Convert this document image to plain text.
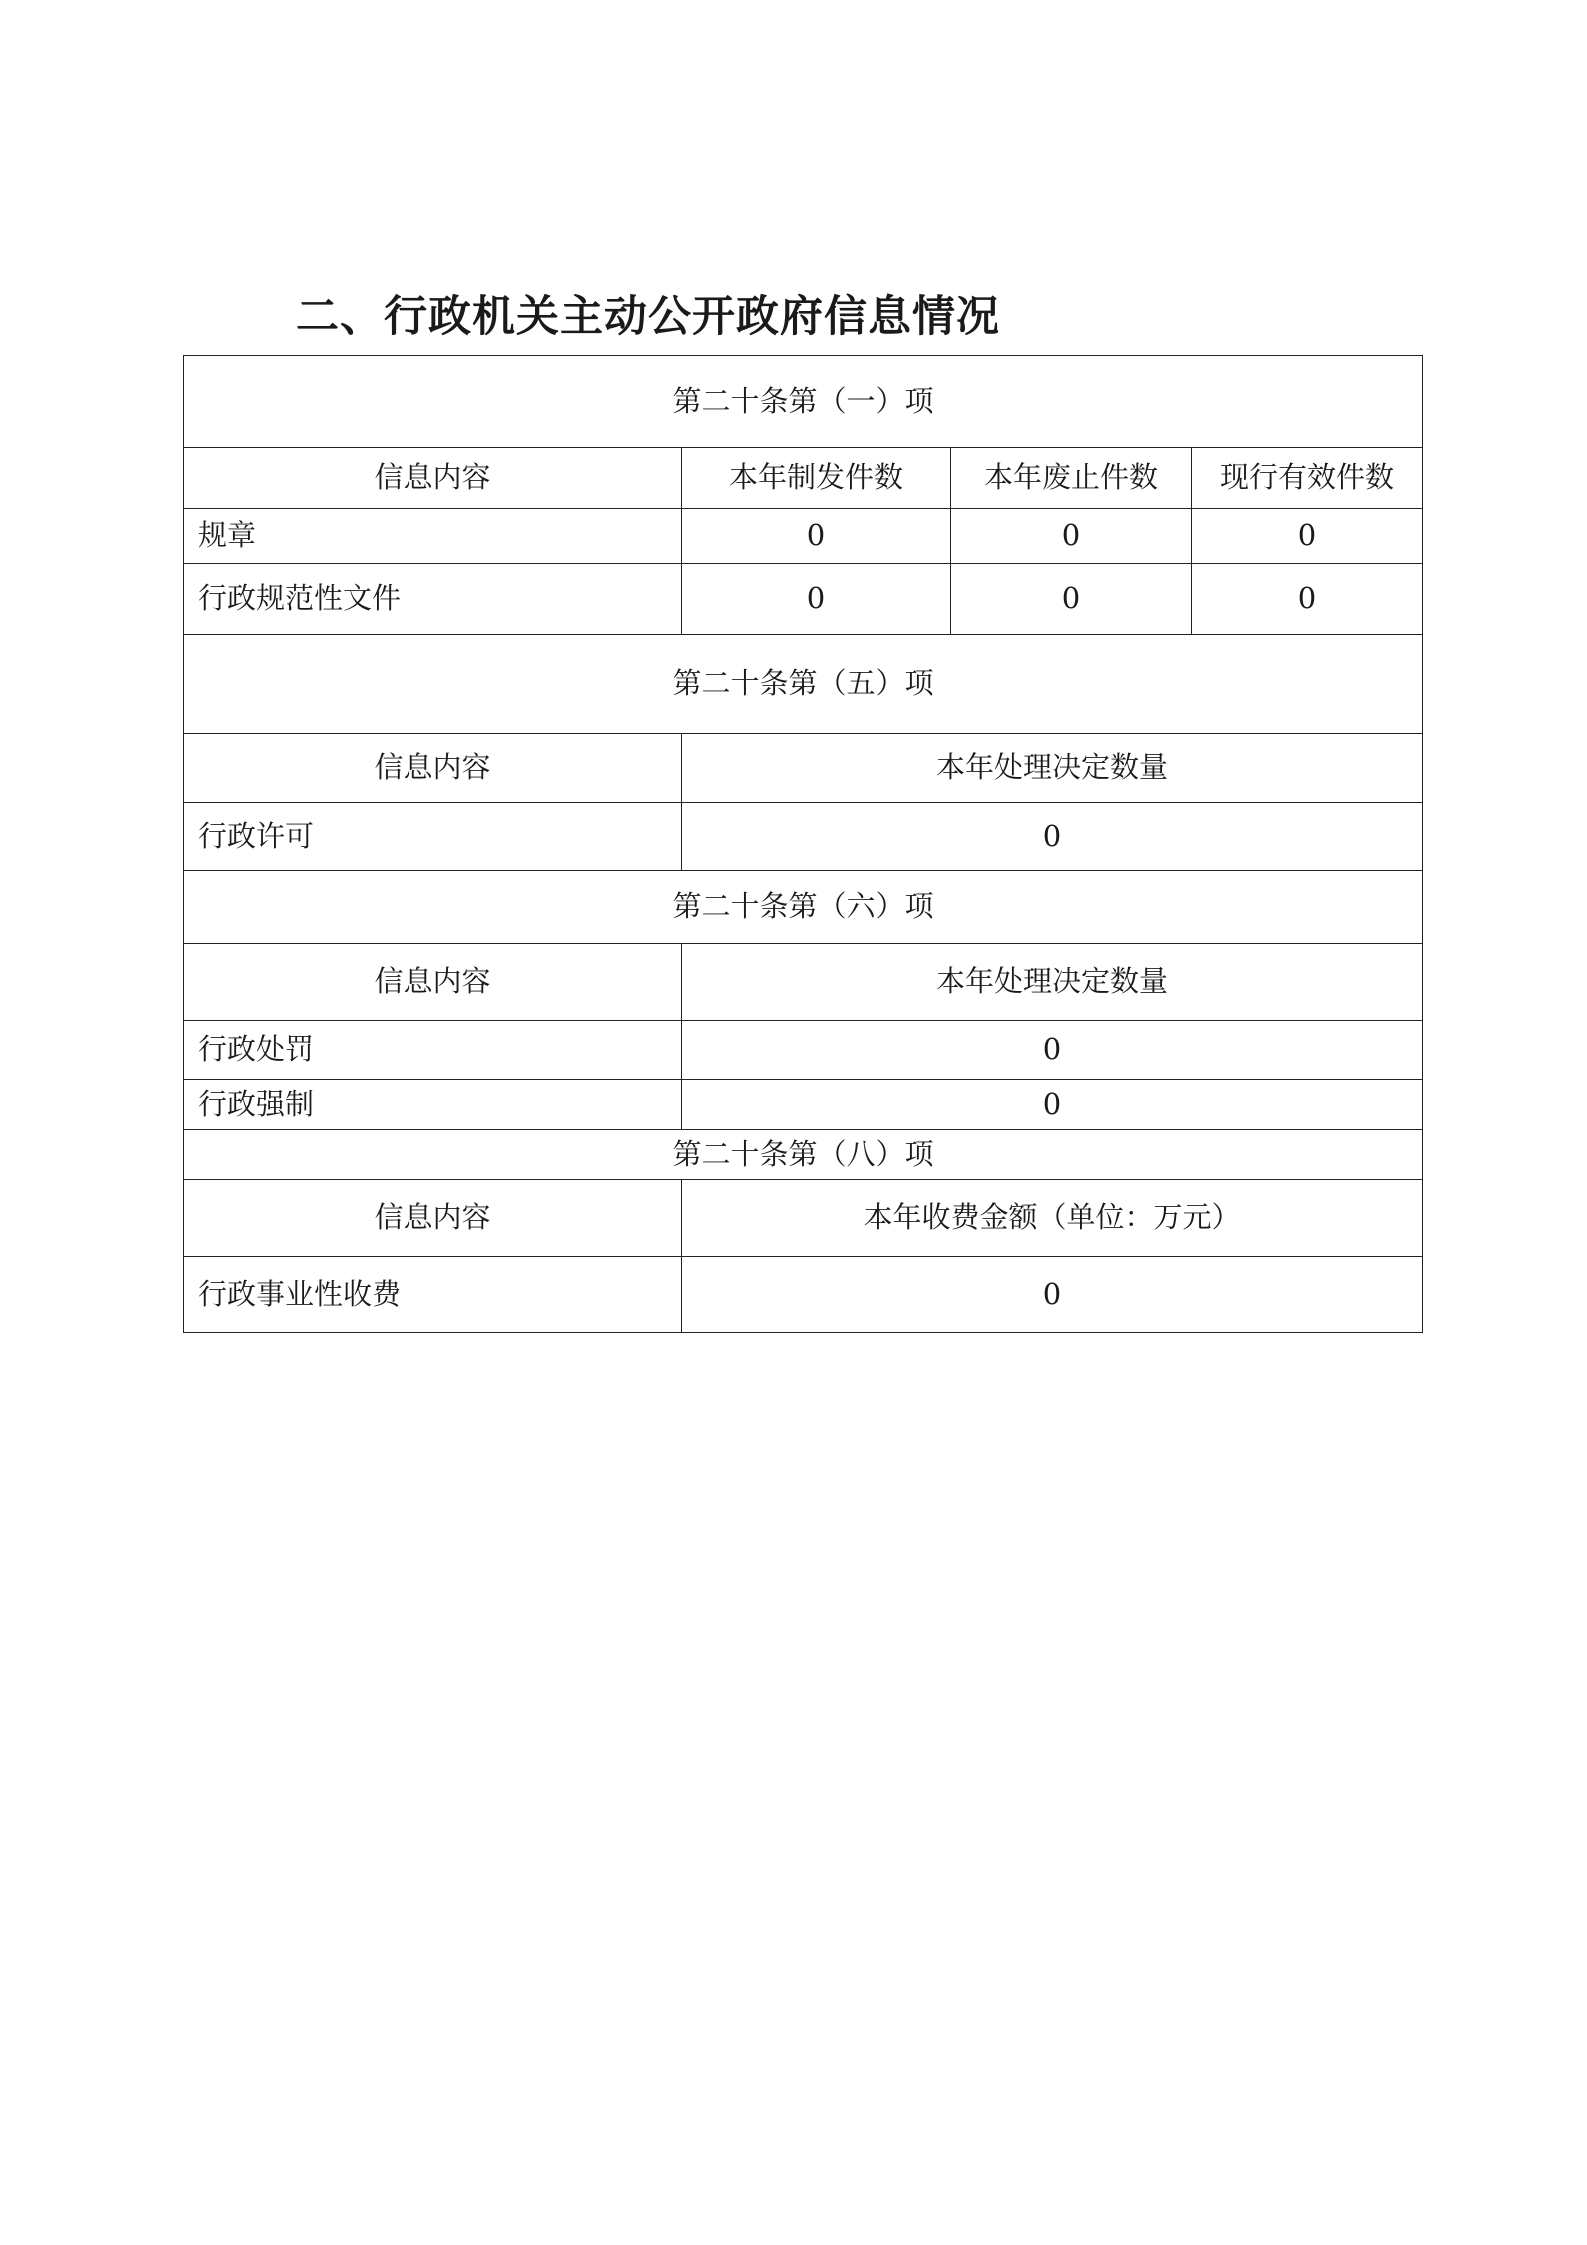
二、行政机关主动公开政府信息情况
第二十条第（一）项			
信息内容	本年制发件数	本年废止件数	现行有效件数
规章	0	0	0
行政规范性文件	0	0	0
第二十条第（五）项			
信息内容	本年处理决定数量		
行政许可	0		
第二十条第（六）项			
信息内容	本年处理决定数量		
行政处罚	0		
行政强制	0		
第二十条第（八）项			
信息内容	本年收费金额（单位：万元）		
行政事业性收费	0		
